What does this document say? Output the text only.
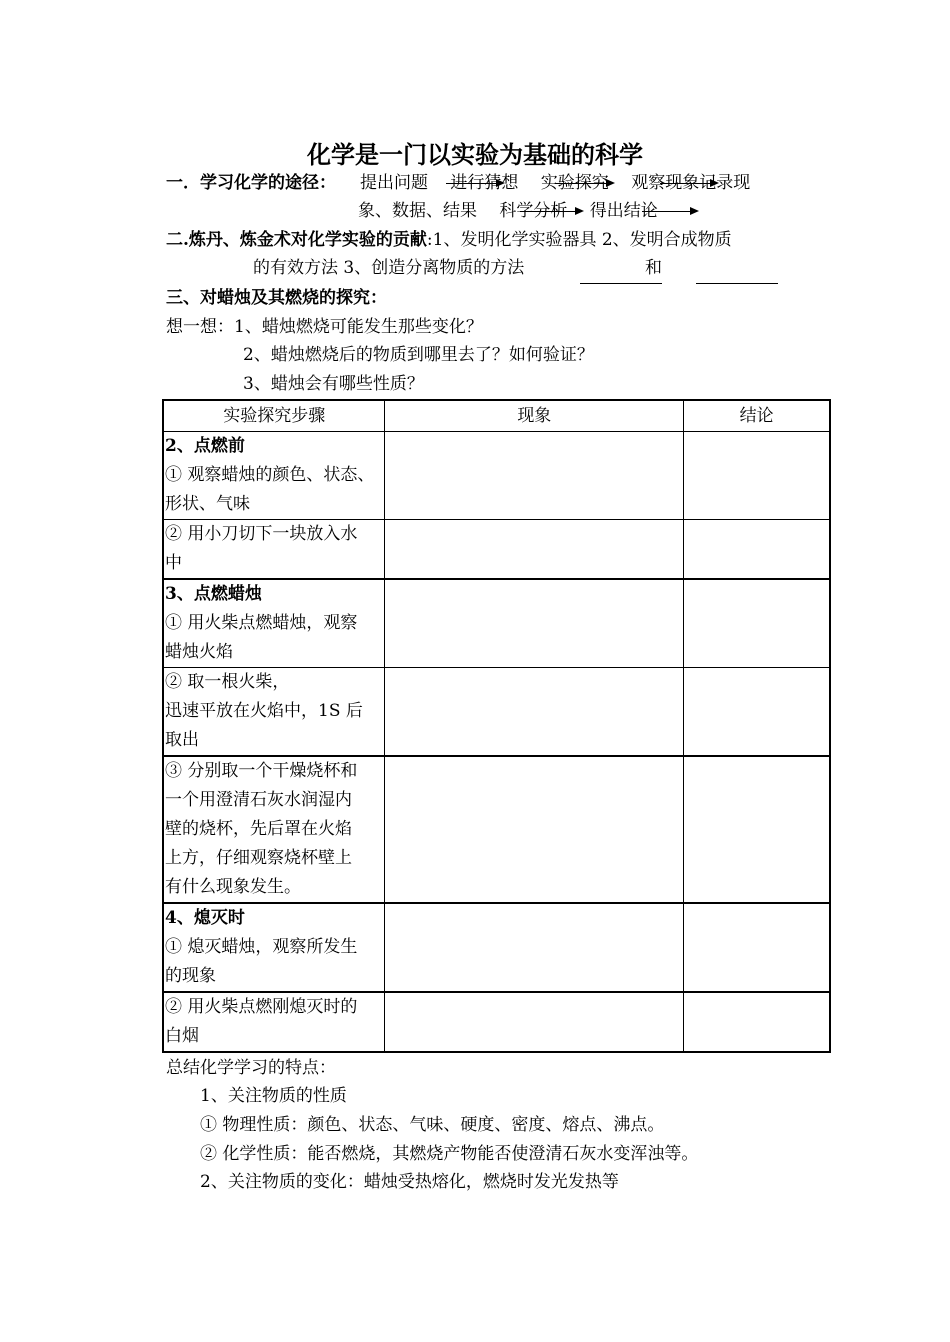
化学是一门以实验为基础的科学
一．学习化学的途径： 提出问题 　进行猜想 　实验探究 　观察现象记录现
象、数据、结果 　科学分析 　得出结论
二.炼丹、炼金术对化学实验的贡献:1、发明化学实验器具 2、发明合成物质
的有效方法 3、创造分离物质的方法	和
三、对蜡烛及其燃烧的探究：
想一想：1、蜡烛燃烧可能发生那些变化？
2、蜡烛燃烧后的物质到哪里去了？如何验证？
3、蜡烛会有哪些性质？
实验探究步骤	现象	结论

2、点燃前
① 观察蜡烛的颜色、状态、
形状、气味		

② 用小刀切下一块放入水
中		

3、点燃蜡烛
① 用火柴点燃蜡烛，观察
蜡烛火焰		

② 取一根火柴，
迅速平放在火焰中，1S 后
取出		

③ 分别取一个干燥烧杯和
一个用澄清石灰水润湿内
壁的烧杯，先后罩在火焰
上方，仔细观察烧杯壁上
有什么现象发生。		

4、熄灭时
① 熄灭蜡烛，观察所发生
的现象		

② 用火柴点燃刚熄灭时的
白烟		

总结化学学习的特点：
1、关注物质的性质
① 物理性质：颜色、状态、气味、硬度、密度、熔点、沸点。
② 化学性质：能否燃烧，其燃烧产物能否使澄清石灰水变浑浊等。
2、关注物质的变化：蜡烛受热熔化，燃烧时发光发热等
